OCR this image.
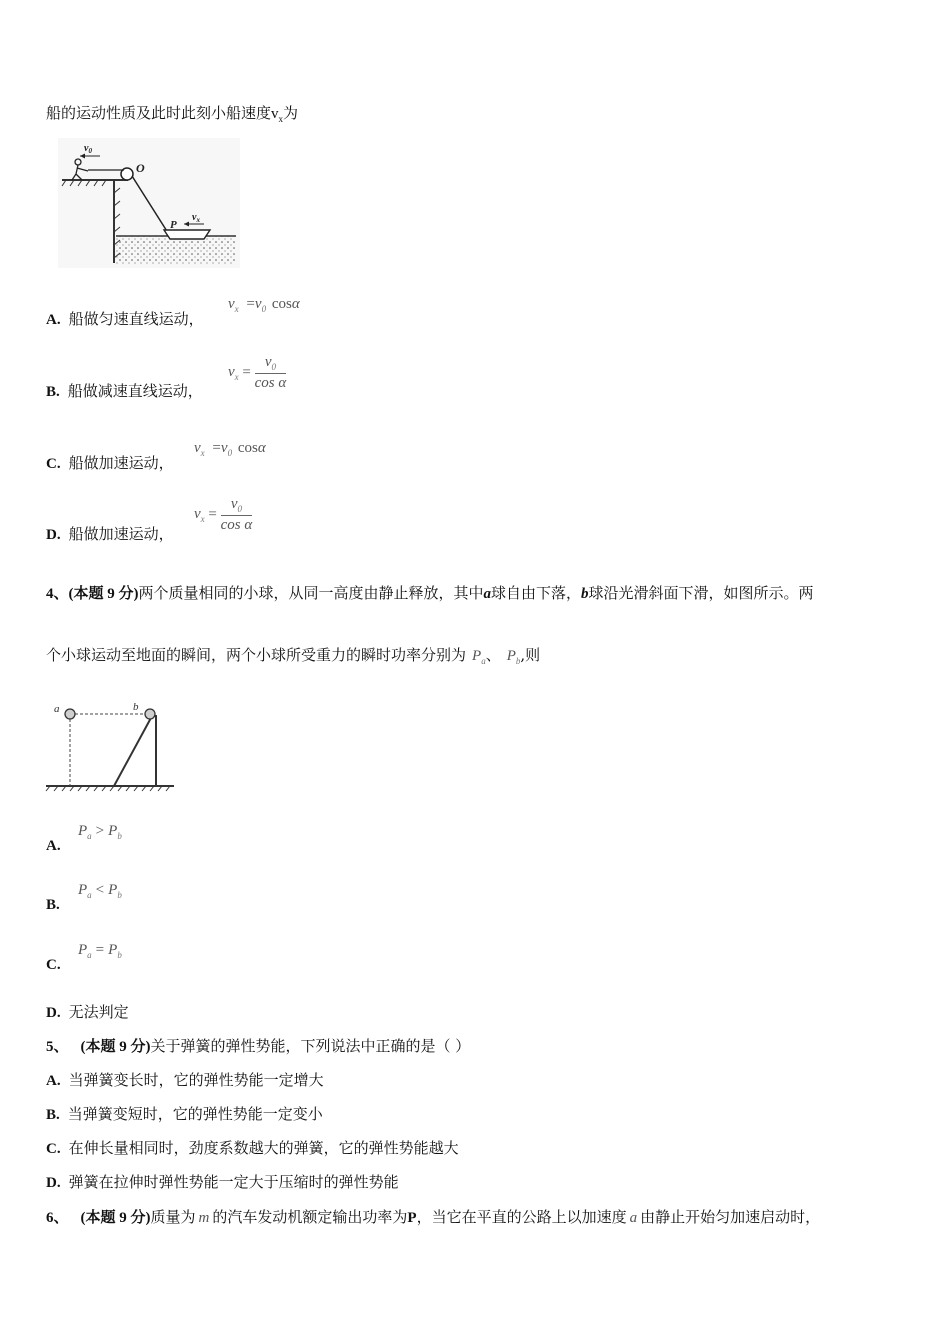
船的运动性质及此时此刻小船速度$v_x$为
$v_0$
O
P
$v_x$
A. 船做匀速直线运动，
$v_x =v_0$ cosα
B. 船做减速直线运动，
$v_x = \frac{v_0}{\text{cos α}}$
C. 船做加速运动，
$v_x =v_0$ cosα
D. 船做加速运动，
$v_x = \frac{v_0}{\text{cos α}}$
4、(本题 9 分)两个质量相同的小球，从同一高度由静止释放，其中a球自由下落，b球沿光滑斜面下滑，如图所示。两
个小球运动至地面的瞬间，两个小球所受重力的瞬时功率分别为 $P_a$、 $P_b$,则
a	b
A.
$P_a > P_b$
B.
$P_a < P_b$
C.
$P_a = P_b$
D. 无法判定
5、 (本题 9 分)关于弹簧的弹性势能，下列说法中正确的是（ ）
A. 当弹簧变长时，它的弹性势能一定增大
B. 当弹簧变短时，它的弹性势能一定变小
C. 在伸长量相同时，劲度系数越大的弹簧，它的弹性势能越大
D. 弹簧在拉伸时弹性势能一定大于压缩时的弹性势能
6、 (本题 9 分)质量为 m 的汽车发动机额定输出功率为P，当它在平直的公路上以加速度 a 由静止开始匀加速启动时，
